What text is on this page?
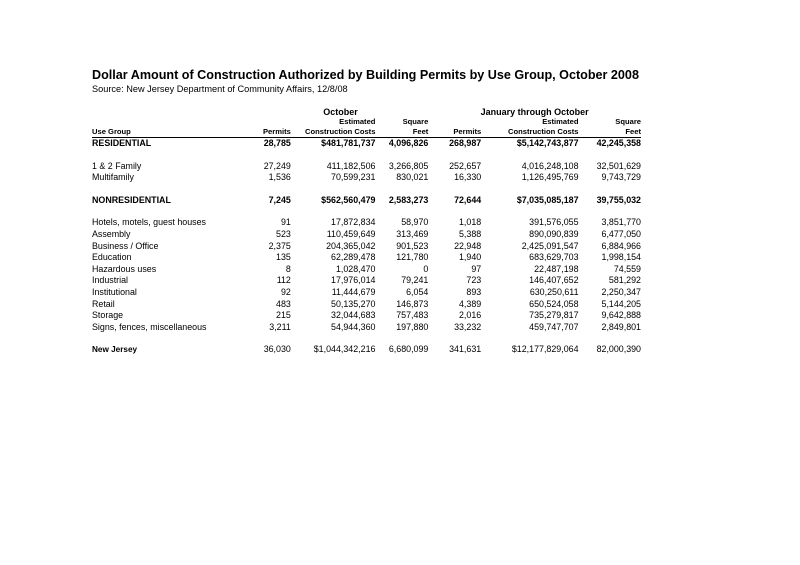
Dollar Amount of Construction Authorized by Building Permits by Use Group, October 2008
Source: New Jersey Department of Community Affairs, 12/8/08
	October			January through October		
		Estimated	Square		Estimated	Square
Use Group	Permits	Construction Costs	Feet	Permits	Construction Costs	Feet
RESIDENTIAL	28,785	$481,781,737	4,096,826	268,987	$5,142,743,877	42,245,358

1 & 2 Family	27,249	411,182,506	3,266,805	252,657	4,016,248,108	32,501,629
Multifamily	1,536	70,599,231	830,021	16,330	1,126,495,769	9,743,729

NONRESIDENTIAL	7,245	$562,560,479	2,583,273	72,644	$7,035,085,187	39,755,032

Hotels, motels, guest houses	91	17,872,834	58,970	1,018	391,576,055	3,851,770
Assembly	523	110,459,649	313,469	5,388	890,090,839	6,477,050
Business / Office	2,375	204,365,042	901,523	22,948	2,425,091,547	6,884,966
Education	135	62,289,478	121,780	1,940	683,629,703	1,998,154
Hazardous uses	8	1,028,470	0	97	22,487,198	74,559
Industrial	112	17,976,014	79,241	723	146,407,652	581,292
Institutional	92	11,444,679	6,054	893	630,250,611	2,250,347
Retail	483	50,135,270	146,873	4,389	650,524,058	5,144,205
Storage	215	32,044,683	757,483	2,016	735,279,817	9,642,888
Signs, fences, miscellaneous	3,211	54,944,360	197,880	33,232	459,747,707	2,849,801

New Jersey	36,030	$1,044,342,216	6,680,099	341,631	$12,177,829,064	82,000,390
